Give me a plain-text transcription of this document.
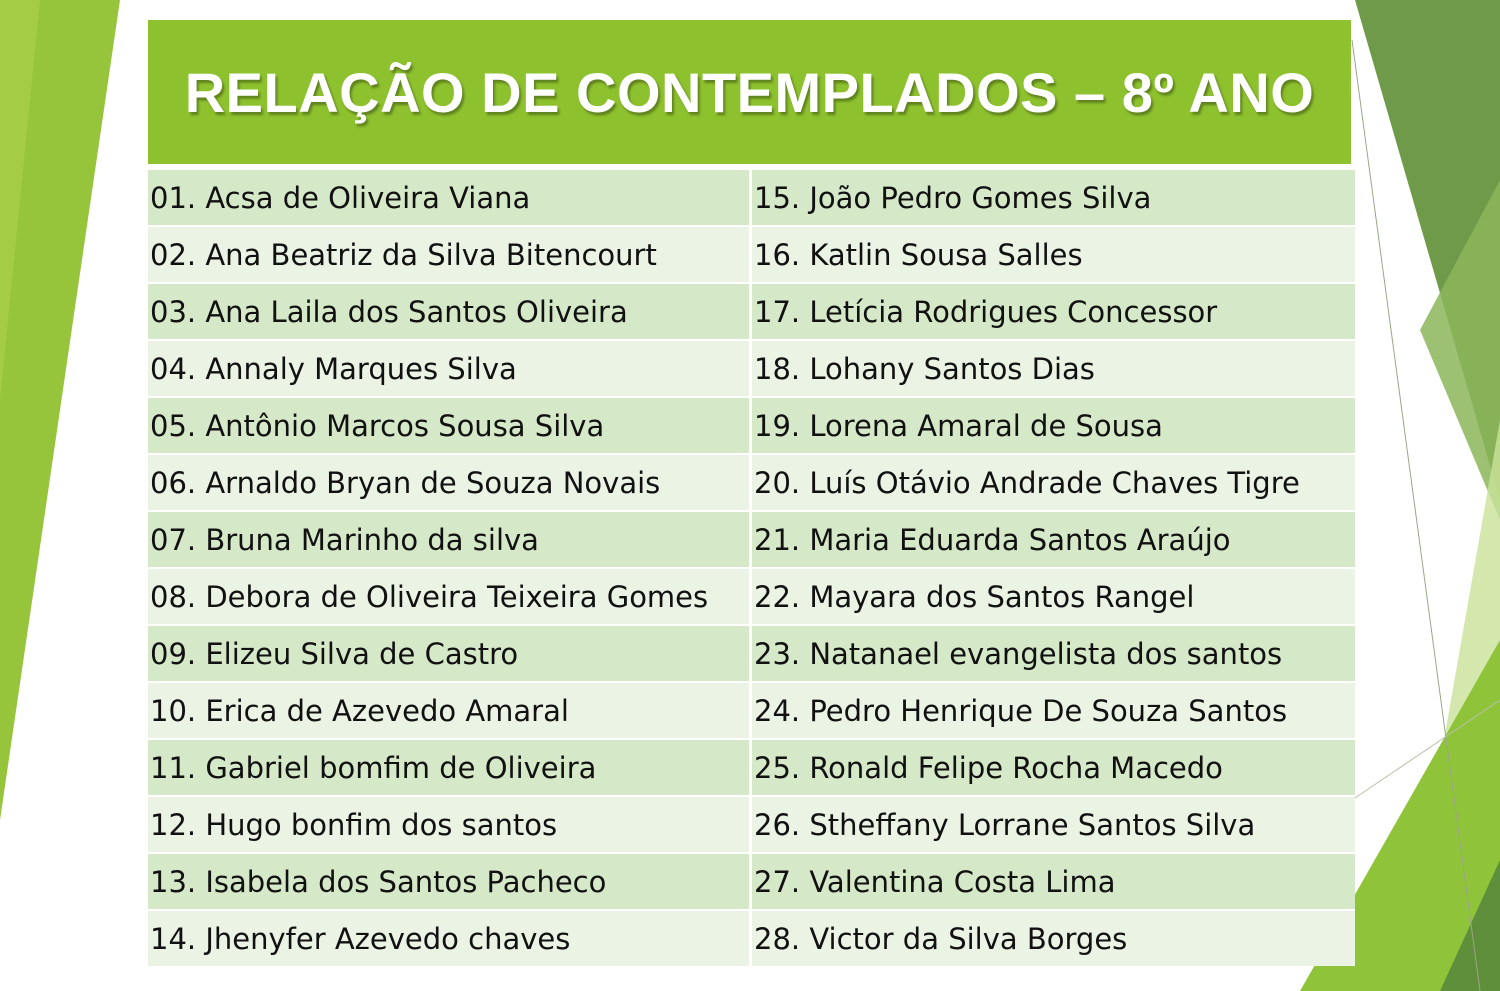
RELAÇÃO DE CONTEMPLADOS – 8º ANO
01. Acsa de Oliveira Viana	15. João Pedro Gomes Silva
02. Ana Beatriz da Silva Bitencourt	16. Katlin Sousa Salles
03. Ana Laila dos Santos Oliveira	17. Letícia Rodrigues Concessor
04. Annaly Marques Silva	18. Lohany Santos Dias
05. Antônio Marcos Sousa Silva	19. Lorena Amaral de Sousa
06. Arnaldo Bryan de Souza Novais	20. Luís Otávio Andrade Chaves Tigre
07. Bruna Marinho da silva	21. Maria Eduarda Santos Araújo
08. Debora de Oliveira Teixeira Gomes	22. Mayara dos Santos Rangel
09. Elizeu Silva de Castro	23. Natanael evangelista dos santos
10. Erica de Azevedo Amaral	24. Pedro Henrique De Souza Santos
11. Gabriel bomfim de Oliveira	25. Ronald Felipe Rocha Macedo
12. Hugo bonfim dos santos	26. Stheffany Lorrane Santos Silva
13. Isabela dos Santos Pacheco	27. Valentina Costa Lima
14. Jhenyfer Azevedo chaves	28. Victor da Silva Borges
